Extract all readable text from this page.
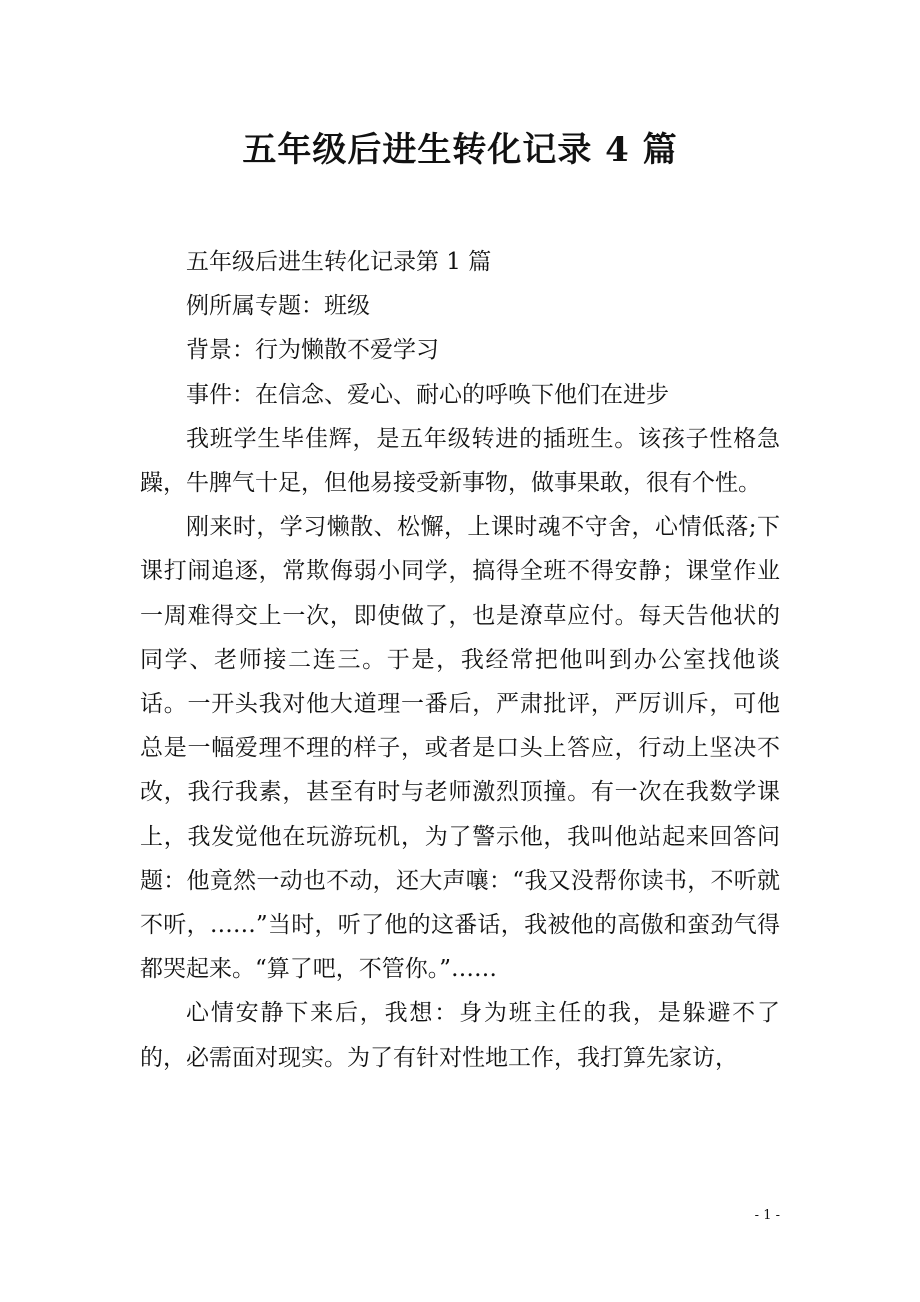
五年级后进生转化记录 4 篇

五年级后进生转化记录第 1 篇

例所属专题：班级

背景：行为懒散不爱学习

事件：在信念、爱心、耐心的呼唤下他们在进步

我班学生毕佳辉，是五年级转进的插班生。该孩子性格急躁，牛脾气十足，但他易接受新事物，做事果敢，很有个性。

刚来时，学习懒散、松懈，上课时魂不守舍，心情低落;下课打闹追逐，常欺侮弱小同学，搞得全班不得安静；课堂作业一周难得交上一次，即使做了，也是潦草应付。每天告他状的同学、老师接二连三。于是，我经常把他叫到办公室找他谈话。一开头我对他大道理一番后，严肃批评，严厉训斥，可他总是一幅爱理不理的样子，或者是口头上答应，行动上坚决不改，我行我素，甚至有时与老师激烈顶撞。有一次在我数学课上，我发觉他在玩游玩机，为了警示他，我叫他站起来回答问题：他竟然一动也不动，还大声嚷：“我又没帮你读书，不听就不听，……”当时，听了他的这番话，我被他的高傲和蛮劲气得都哭起来。“算了吧，不管你。”……

心情安静下来后，我想：身为班主任的我，是躲避不了的，必需面对现实。为了有针对性地工作，我打算先家访，

- 1 -
